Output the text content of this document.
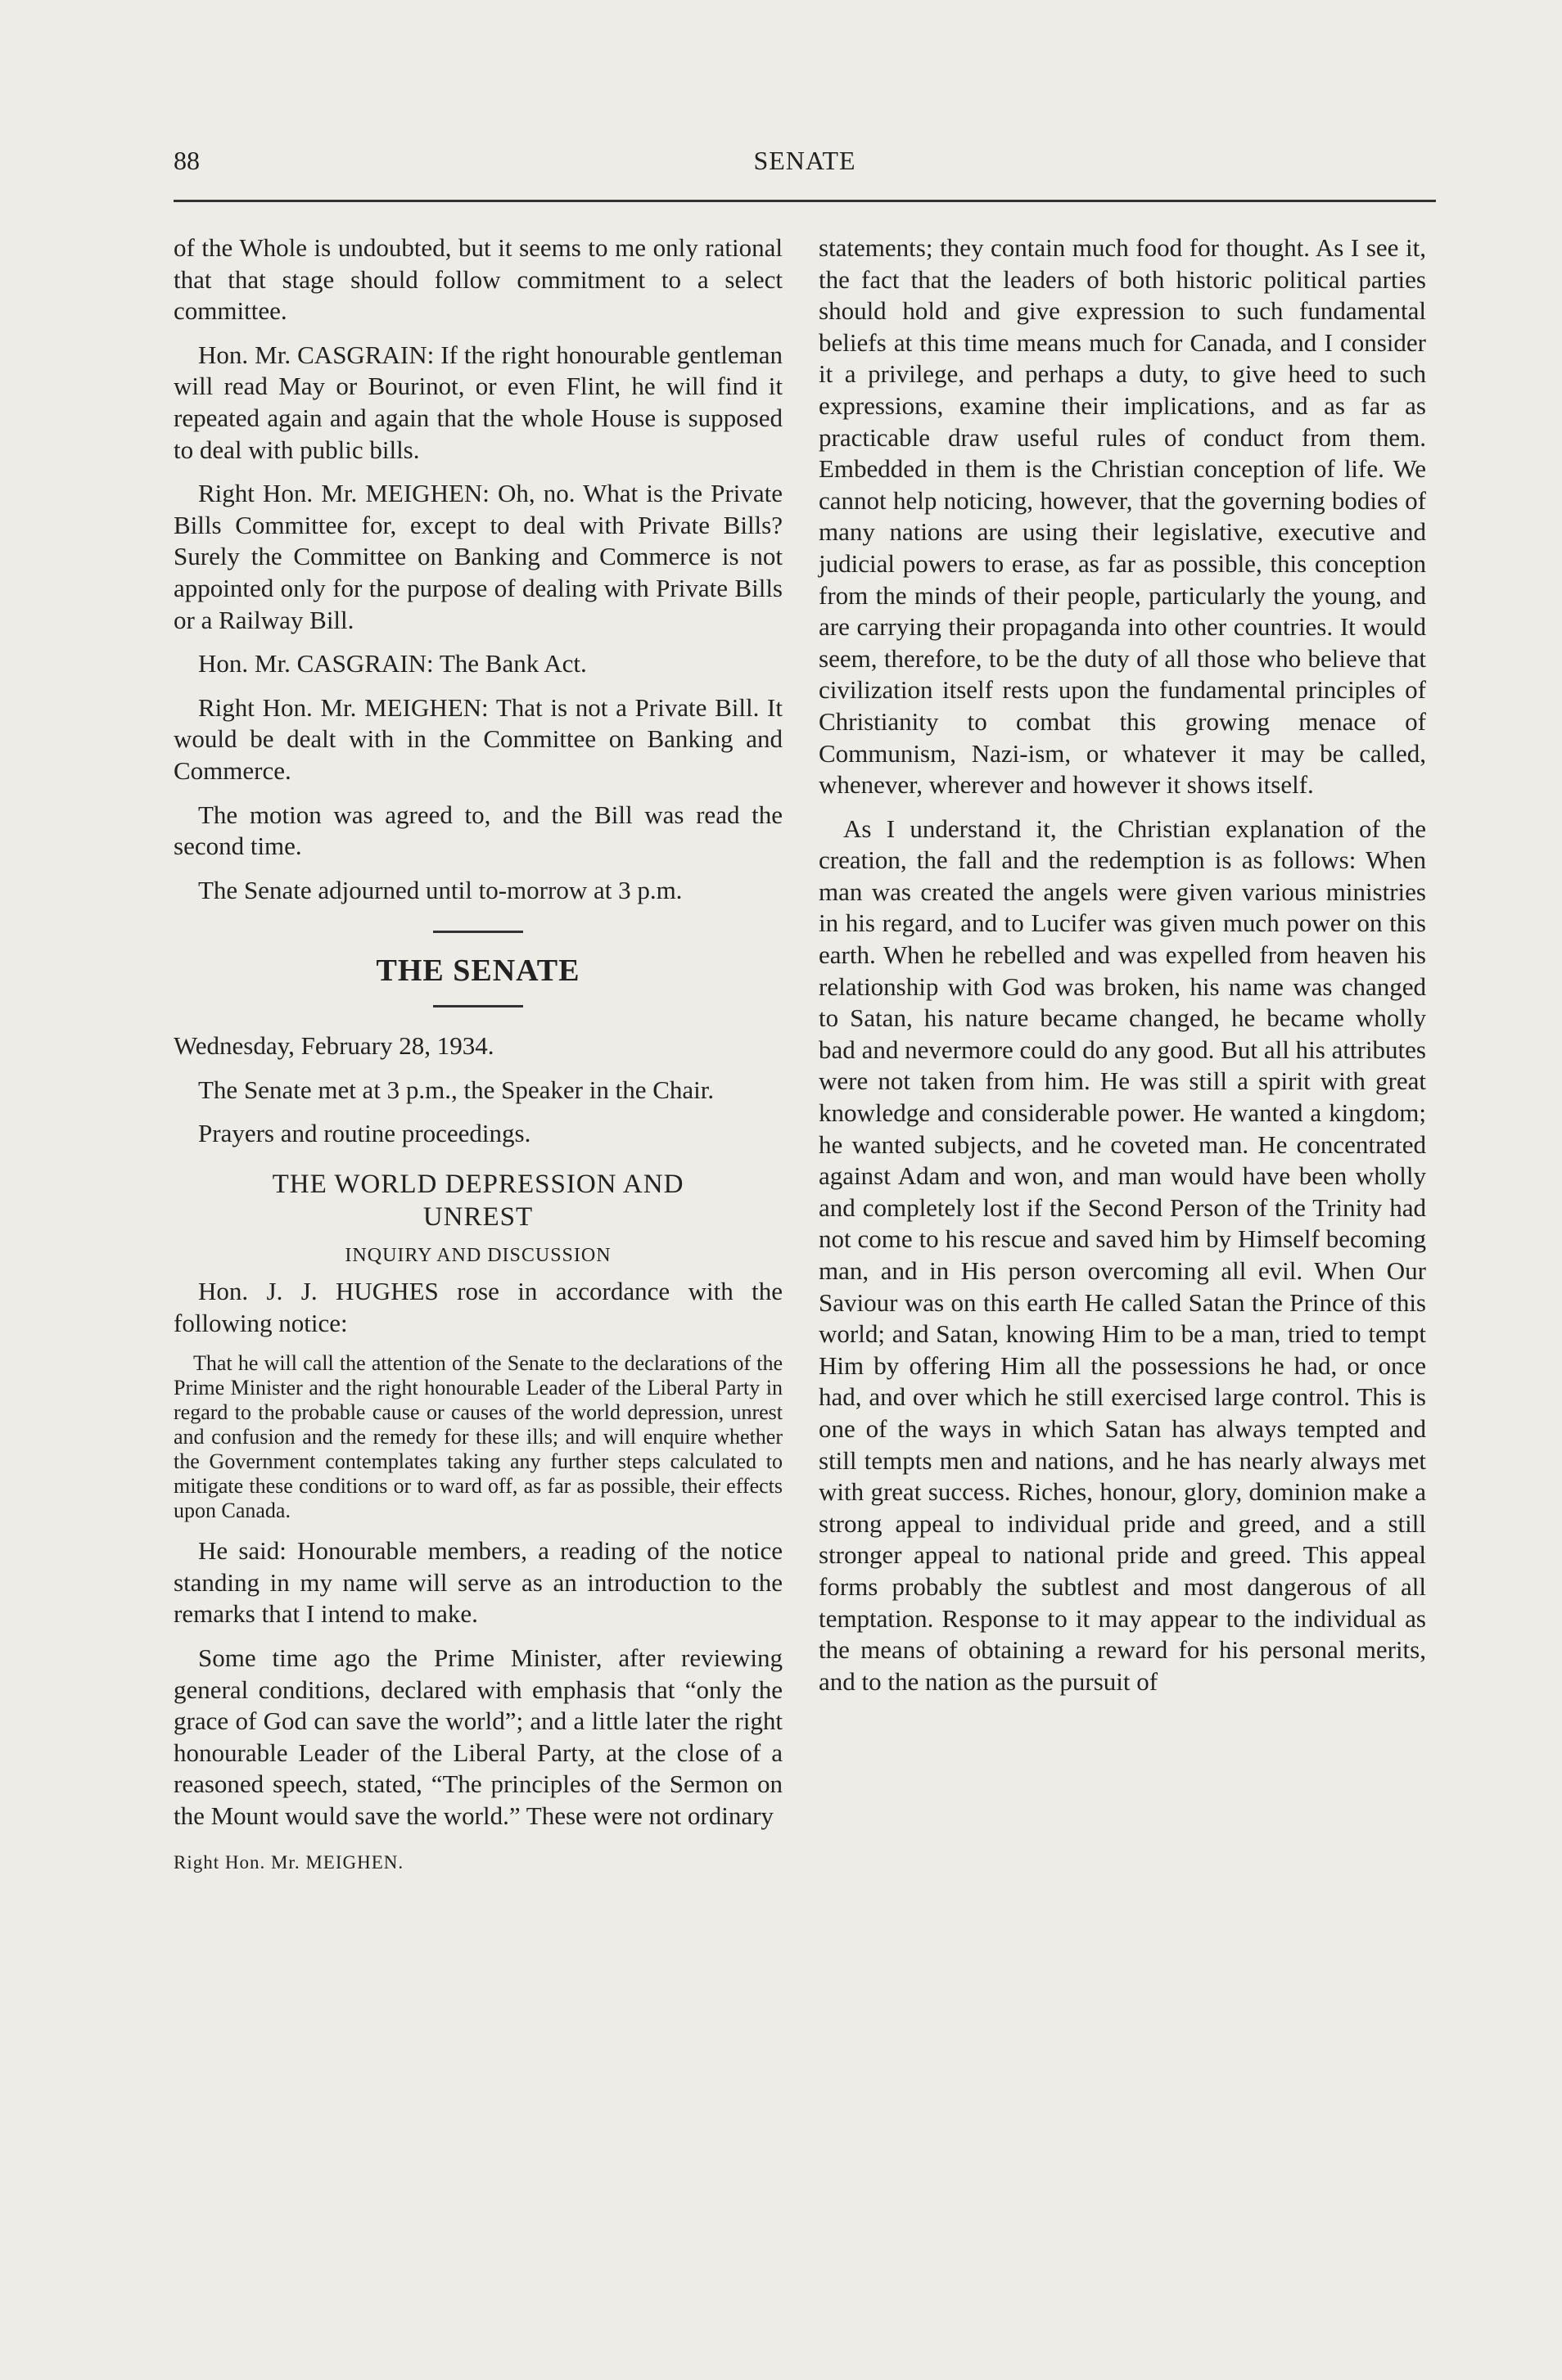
88	SENATE

of the Whole is undoubted, but it seems to me only rational that that stage should follow commitment to a select committee.

Hon. Mr. CASGRAIN: If the right honourable gentleman will read May or Bourinot, or even Flint, he will find it repeated again and again that the whole House is supposed to deal with public bills.

Right Hon. Mr. MEIGHEN: Oh, no. What is the Private Bills Committee for, except to deal with Private Bills? Surely the Committee on Banking and Commerce is not appointed only for the purpose of dealing with Private Bills or a Railway Bill.

Hon. Mr. CASGRAIN: The Bank Act.

Right Hon. Mr. MEIGHEN: That is not a Private Bill. It would be dealt with in the Committee on Banking and Commerce.

The motion was agreed to, and the Bill was read the second time.

The Senate adjourned until to-morrow at 3 p.m.

THE SENATE

Wednesday, February 28, 1934.

The Senate met at 3 p.m., the Speaker in the Chair.

Prayers and routine proceedings.

THE WORLD DEPRESSION AND
UNREST
INQUIRY AND DISCUSSION

Hon. J. J. HUGHES rose in accordance with the following notice:

That he will call the attention of the Senate to the declarations of the Prime Minister and the right honourable Leader of the Liberal Party in regard to the probable cause or causes of the world depression, unrest and confusion and the remedy for these ills; and will enquire whether the Government contemplates taking any further steps calculated to mitigate these conditions or to ward off, as far as possible, their effects upon Canada.

He said: Honourable members, a reading of the notice standing in my name will serve as an introduction to the remarks that I intend to make.

Some time ago the Prime Minister, after reviewing general conditions, declared with emphasis that “only the grace of God can save the world”; and a little later the right honourable Leader of the Liberal Party, at the close of a reasoned speech, stated, “The principles of the Sermon on the Mount would save the world.” These were not ordinary

Right Hon. Mr. MEIGHEN.

statements; they contain much food for thought. As I see it, the fact that the leaders of both historic political parties should hold and give expression to such fundamental beliefs at this time means much for Canada, and I consider it a privilege, and perhaps a duty, to give heed to such expressions, examine their implications, and as far as practicable draw useful rules of conduct from them. Embedded in them is the Christian conception of life. We cannot help noticing, however, that the governing bodies of many nations are using their legislative, executive and judicial powers to erase, as far as possible, this conception from the minds of their people, particularly the young, and are carrying their propaganda into other countries. It would seem, therefore, to be the duty of all those who believe that civilization itself rests upon the fundamental principles of Christianity to combat this growing menace of Communism, Nazi-ism, or whatever it may be called, whenever, wherever and however it shows itself.

As I understand it, the Christian explanation of the creation, the fall and the redemption is as follows: When man was created the angels were given various ministries in his regard, and to Lucifer was given much power on this earth. When he rebelled and was expelled from heaven his relationship with God was broken, his name was changed to Satan, his nature became changed, he became wholly bad and nevermore could do any good. But all his attributes were not taken from him. He was still a spirit with great knowledge and considerable power. He wanted a kingdom; he wanted subjects, and he coveted man. He concentrated against Adam and won, and man would have been wholly and completely lost if the Second Person of the Trinity had not come to his rescue and saved him by Himself becoming man, and in His person overcoming all evil. When Our Saviour was on this earth He called Satan the Prince of this world; and Satan, knowing Him to be a man, tried to tempt Him by offering Him all the possessions he had, or once had, and over which he still exercised large control. This is one of the ways in which Satan has always tempted and still tempts men and nations, and he has nearly always met with great success. Riches, honour, glory, dominion make a strong appeal to individual pride and greed, and a still stronger appeal to national pride and greed. This appeal forms probably the subtlest and most dangerous of all temptation. Response to it may appear to the individual as the means of obtaining a reward for his personal merits, and to the nation as the pursuit of
